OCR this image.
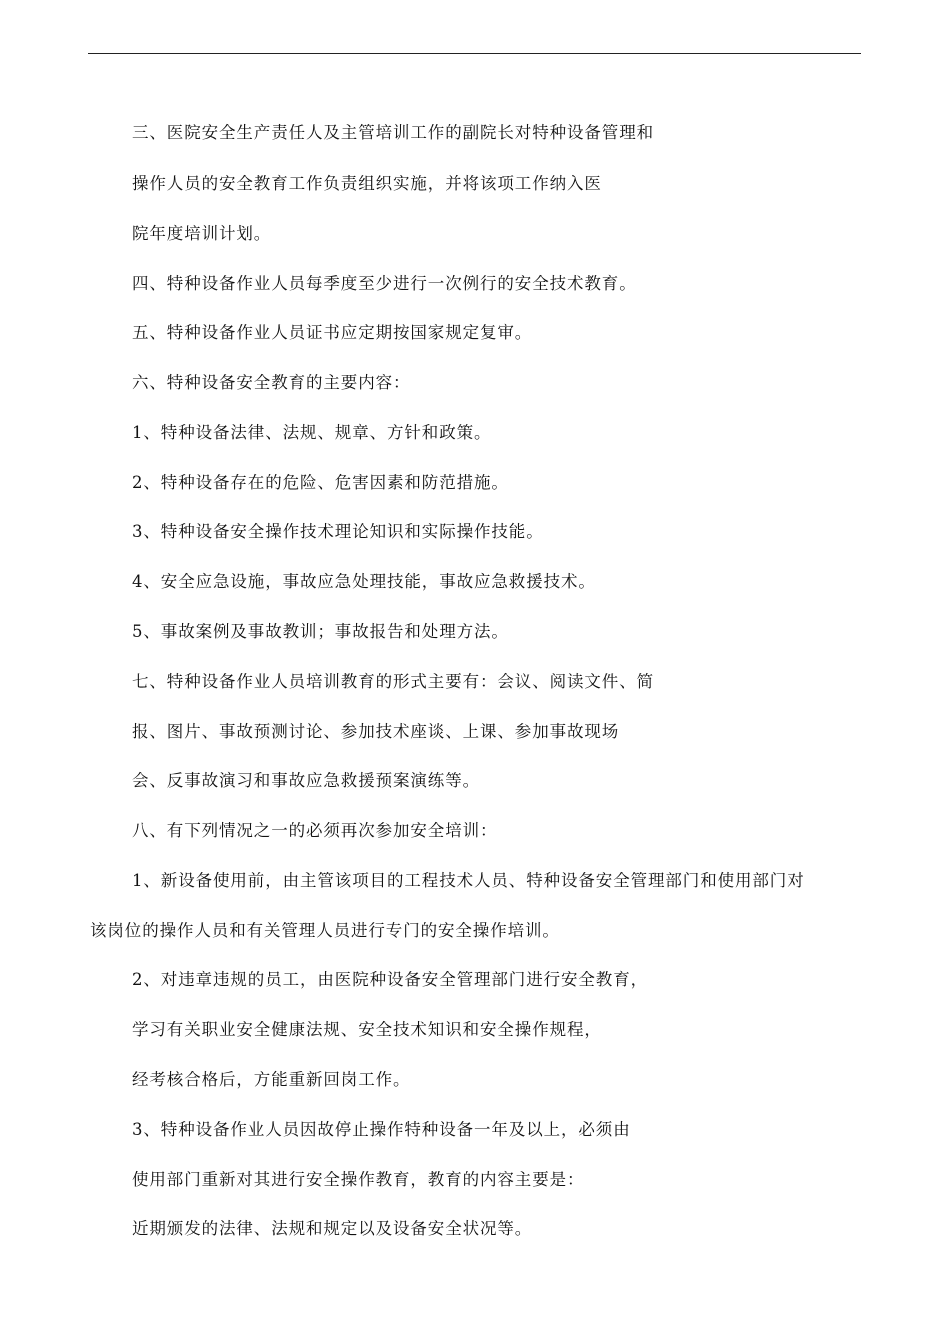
三、医院安全生产责任人及主管培训工作的副院长对特种设备管理和
操作人员的安全教育工作负责组织实施，并将该项工作纳入医
院年度培训计划。
四、特种设备作业人员每季度至少进行一次例行的安全技术教育。
五、特种设备作业人员证书应定期按国家规定复审。
六、特种设备安全教育的主要内容：
1、特种设备法律、法规、规章、方针和政策。
2、特种设备存在的危险、危害因素和防范措施。
3、特种设备安全操作技术理论知识和实际操作技能。
4、安全应急设施，事故应急处理技能，事故应急救援技术。
5、事故案例及事故教训；事故报告和处理方法。
七、特种设备作业人员培训教育的形式主要有：会议、阅读文件、简
报、图片、事故预测讨论、参加技术座谈、上课、参加事故现场
会、反事故演习和事故应急救援预案演练等。
八、有下列情况之一的必须再次参加安全培训：
1、新设备使用前，由主管该项目的工程技术人员、特种设备安全管理部门和使用部门对
该岗位的操作人员和有关管理人员进行专门的安全操作培训。
2、对违章违规的员工，由医院种设备安全管理部门进行安全教育，
学习有关职业安全健康法规、安全技术知识和安全操作规程，
经考核合格后，方能重新回岗工作。
3、特种设备作业人员因故停止操作特种设备一年及以上，必须由
使用部门重新对其进行安全操作教育，教育的内容主要是：
近期颁发的法律、法规和规定以及设备安全状况等。
